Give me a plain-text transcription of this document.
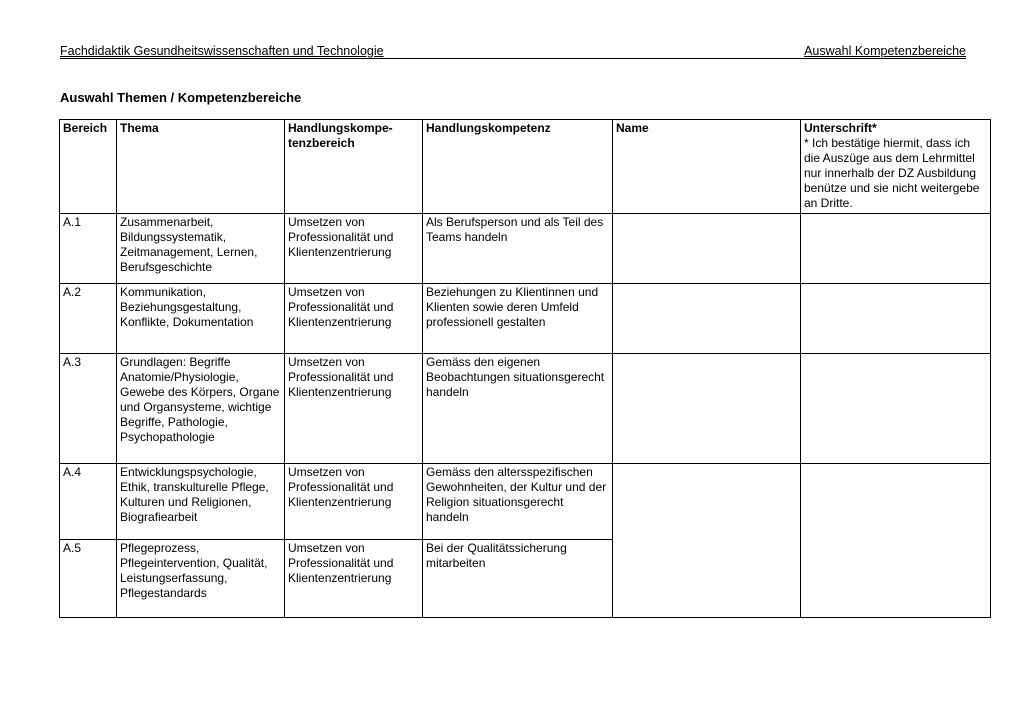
Fachdidaktik Gesundheitswissenschaften und Technologie	Auswahl Kompetenzbereiche
Auswahl Themen / Kompetenzbereiche
Bereich	Thema	Handlungskompe-tenzbereich	Handlungskompetenz	Name	Unterschrift*
* Ich bestätige hiermit, dass ich die Auszüge aus dem Lehrmittel nur innerhalb der DZ Ausbildung benütze und sie nicht weitergebe an Dritte.

A.1	Zusammenarbeit, Bildungssystematik, Zeitmanagement, Lernen, Berufsgeschichte	Umsetzen von Professionalität und Klientenzentrierung	Als Berufsperson und als Teil des Teams handeln		
A.2	Kommunikation, Beziehungsgestaltung, Konflikte, Dokumentation	Umsetzen von Professionalität und Klientenzentrierung	Beziehungen zu Klientinnen und Klienten sowie deren Umfeld professionell gestalten		
A.3	Grundlagen: Begriffe Anatomie/Physiologie, Gewebe des Körpers, Organe und Organsysteme, wichtige Begriffe, Pathologie, Psychopathologie	Umsetzen von Professionalität und Klientenzentrierung	Gemäss den eigenen Beobachtungen situationsgerecht handeln		
A.4	Entwicklungspsychologie, Ethik, transkulturelle Pflege, Kulturen und Religionen, Biografiearbeit	Umsetzen von Professionalität und Klientenzentrierung	Gemäss den altersspezifischen Gewohnheiten, der Kultur und der Religion situationsgerecht handeln		
A.5	Pflegeprozess, Pflegeintervention, Qualität, Leistungserfassung, Pflegestandards	Umsetzen von Professionalität und Klientenzentrierung	Bei der Qualitätssicherung mitarbeiten		
